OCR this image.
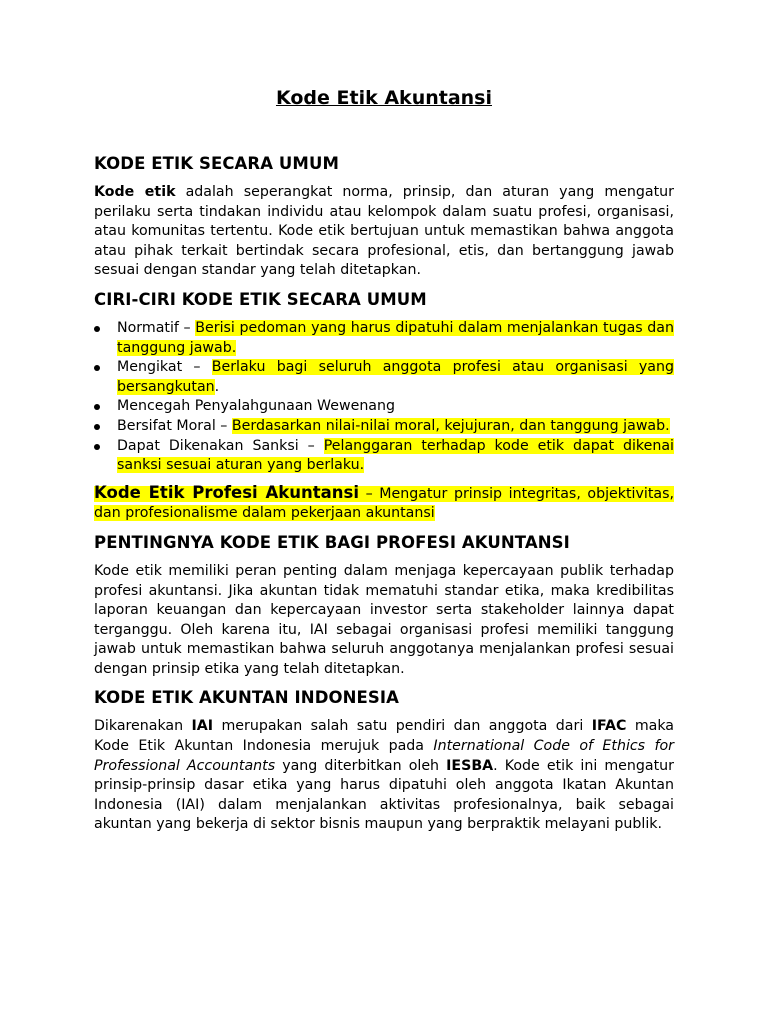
Kode Etik Akuntansi
KODE ETIK SECARA UMUM

Kode etik adalah seperangkat norma, prinsip, dan aturan yang mengatur perilaku serta tindakan individu atau kelompok dalam suatu profesi, organisasi, atau komunitas tertentu. Kode etik bertujuan untuk memastikan bahwa anggota atau pihak terkait bertindak secara profesional, etis, dan bertanggung jawab sesuai dengan standar yang telah ditetapkan.

CIRI-CIRI KODE ETIK SECARA UMUM
Normatif – Berisi pedoman yang harus dipatuhi dalam menjalankan tugas dan tanggung jawab.
Mengikat – Berlaku bagi seluruh anggota profesi atau organisasi yang bersangkutan.
Mencegah Penyalahgunaan Wewenang
Bersifat Moral – Berdasarkan nilai-nilai moral, kejujuran, dan tanggung jawab.
Dapat Dikenakan Sanksi – Pelanggaran terhadap kode etik dapat dikenai sanksi sesuai aturan yang berlaku.

Kode Etik Profesi Akuntansi – Mengatur prinsip integritas, objektivitas, dan profesionalisme dalam pekerjaan akuntansi

PENTINGNYA KODE ETIK BAGI PROFESI AKUNTANSI

Kode etik memiliki peran penting dalam menjaga kepercayaan publik terhadap profesi akuntansi. Jika akuntan tidak mematuhi standar etika, maka kredibilitas laporan keuangan dan kepercayaan investor serta stakeholder lainnya dapat terganggu. Oleh karena itu, IAI sebagai organisasi profesi memiliki tanggung jawab untuk memastikan bahwa seluruh anggotanya menjalankan profesi sesuai dengan prinsip etika yang telah ditetapkan.

KODE ETIK AKUNTAN INDONESIA

Dikarenakan IAI merupakan salah satu pendiri dan anggota dari IFAC maka Kode Etik Akuntan Indonesia merujuk pada International Code of Ethics for Professional Accountants yang diterbitkan oleh IESBA. Kode etik ini mengatur prinsip-prinsip dasar etika yang harus dipatuhi oleh anggota Ikatan Akuntan Indonesia (IAI) dalam menjalankan aktivitas profesionalnya, baik sebagai akuntan yang bekerja di sektor bisnis maupun yang berpraktik melayani publik.
